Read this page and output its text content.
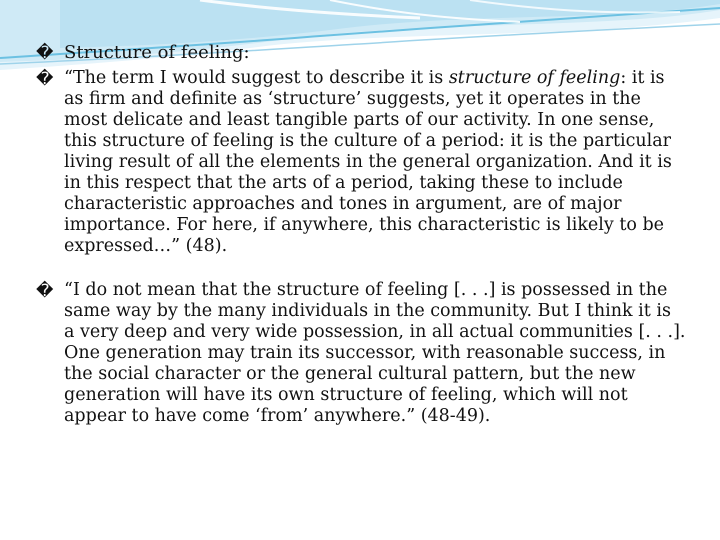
� Structure of feeling:

� “The term I would suggest to describe it is structure of feeling: it is as firm and definite as ‘structure’ suggests, yet it operates in the most delicate and least tangible parts of our activity. In one sense, this structure of feeling is the culture of a period: it is the particular living result of all the elements in the general organization. And it is in this respect that the arts of a period, taking these to include characteristic approaches and tones in argument, are of major importance. For here, if anywhere, this characteristic is likely to be expressed…” (48).

� “I do not mean that the structure of feeling [. . .] is possessed in the same way by the many individuals in the community. But I think it is a very deep and very wide possession, in all actual communities [. . .]. One generation may train its successor, with reasonable success, in the social character or the general cultural pattern, but the new generation will have its own structure of feeling, which will not appear to have come ‘from’ anywhere.” (48-49).
